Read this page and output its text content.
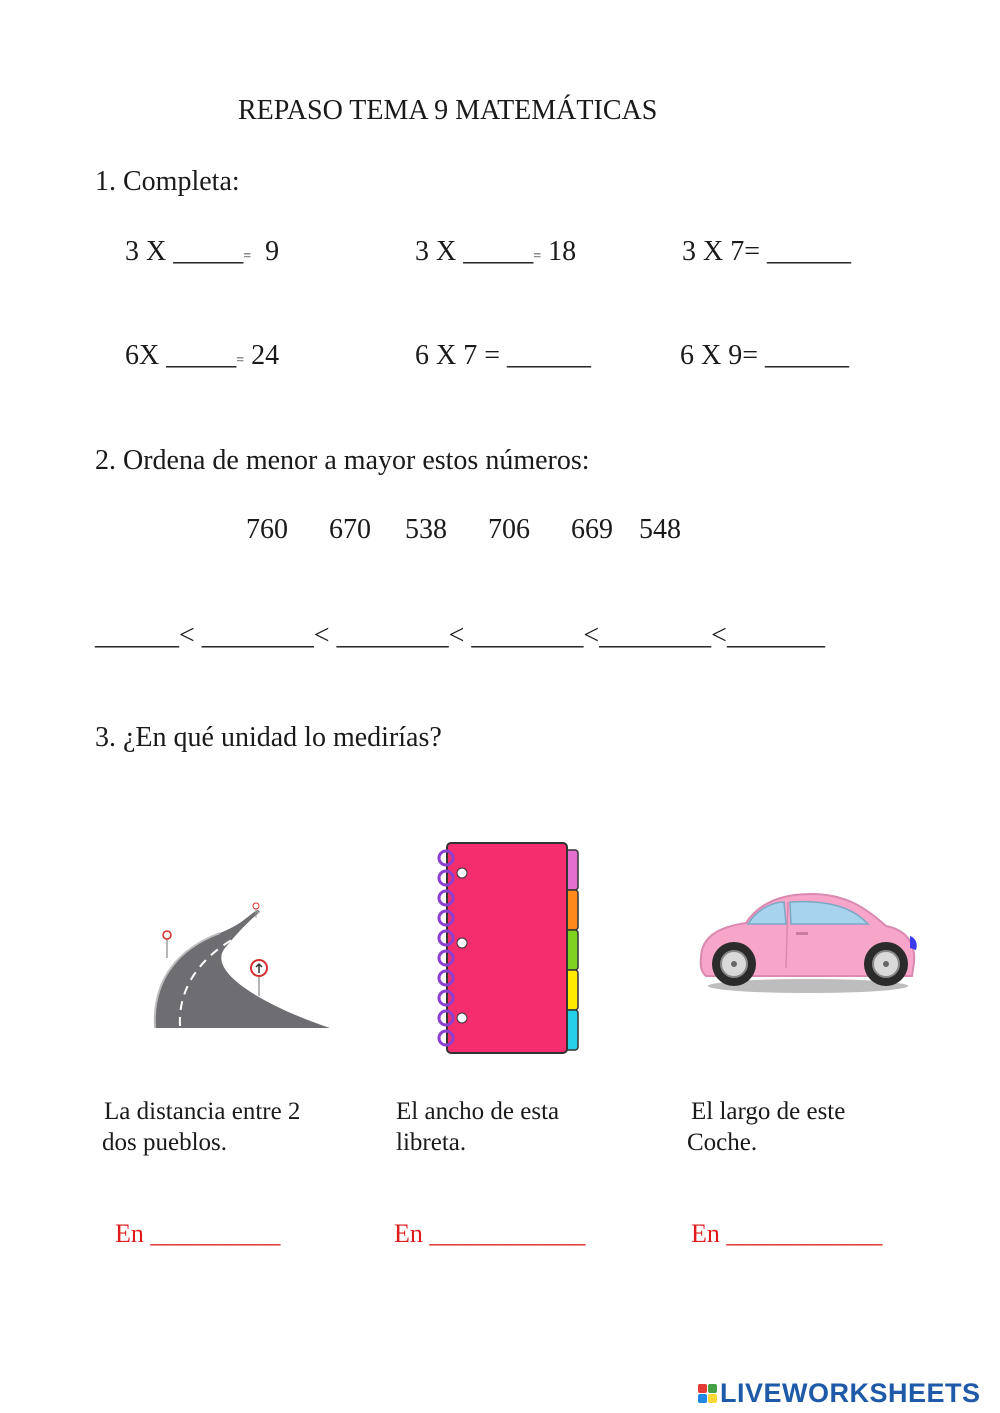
REPASO TEMA 9 MATEMÁTICAS
1. Completa:
3 X _____=  9	3 X _____= 18	3 X 7= ______
6X _____= 24	6 X 7 = ______	6 X 9= ______
2. Ordena de menor a mayor estos números:
760 670 538 706 669 548
______< ________< ________< ________<________<_______
3. ¿En qué unidad lo medirías?
La distancia entre 2
dos pueblos.
El ancho de esta
libreta.
El largo de este
Coche.
En __________	En ____________	En ____________
LIVEWORKSHEETS
